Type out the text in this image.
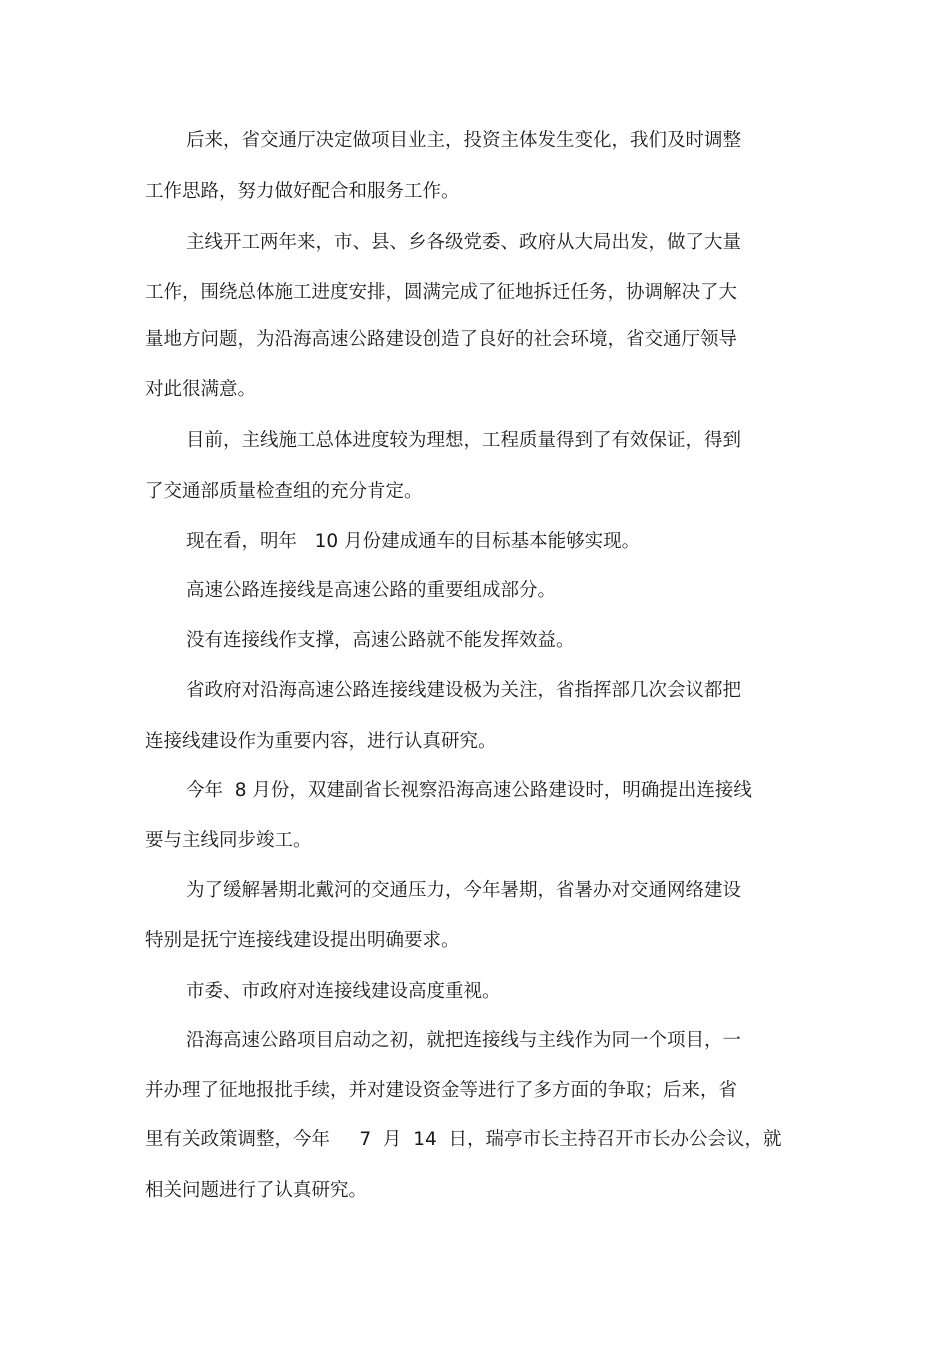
后来，省交通厅决定做项目业主，投资主体发生变化，我们及时调整
工作思路，努力做好配合和服务工作。
主线开工两年来，市、县、乡各级党委、政府从大局出发，做了大量
工作，围绕总体施工进度安排，圆满完成了征地拆迁任务，协调解决了大
量地方问题，为沿海高速公路建设创造了良好的社会环境，省交通厅领导
对此很满意。
目前，主线施工总体进度较为理想，工程质量得到了有效保证，得到
了交通部质量检查组的充分肯定。
现在看，明年   10 月份建成通车的目标基本能够实现。
高速公路连接线是高速公路的重要组成部分。
没有连接线作支撑，高速公路就不能发挥效益。
省政府对沿海高速公路连接线建设极为关注，省指挥部几次会议都把
连接线建设作为重要内容，进行认真研究。
今年  8 月份，双建副省长视察沿海高速公路建设时，明确提出连接线
要与主线同步竣工。
为了缓解暑期北戴河的交通压力，今年暑期，省暑办对交通网络建设
特别是抚宁连接线建设提出明确要求。
市委、市政府对连接线建设高度重视。
沿海高速公路项目启动之初，就把连接线与主线作为同一个项目，一
并办理了征地报批手续，并对建设资金等进行了多方面的争取；后来，省
里有关政策调整，今年     7  月  14  日，瑞亭市长主持召开市长办公会议，就
相关问题进行了认真研究。
